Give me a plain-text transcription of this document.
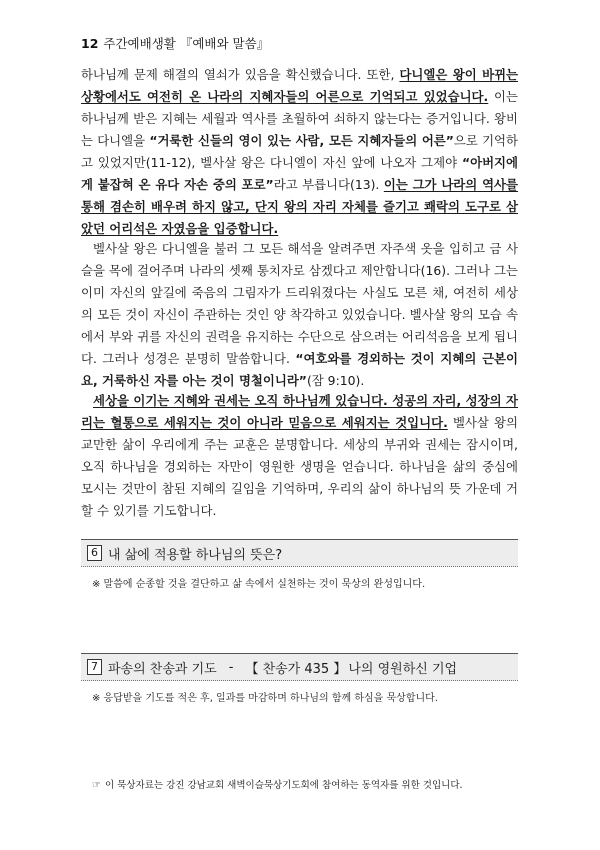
12 주간예배생활 『예배와 말씀』
하나님께 문제 해결의 열쇠가 있음을 확신했습니다. 또한, 다니엘은 왕이 바뀌는 상황에서도 여전히 온 나라의 지혜자들의 어른으로 기억되고 있었습니다. 이는 하나님께 받은 지혜는 세월과 역사를 초월하여 쇠하지 않는다는 증거입니다. 왕비는 다니엘을 “거룩한 신들의 영이 있는 사람, 모든 지혜자들의 어른”으로 기억하고 있었지만(11-12), 벨사살 왕은 다니엘이 자신 앞에 나오자 그제야 “아버지에게 붙잡혀 온 유다 자손 중의 포로”라고 부릅니다(13). 이는 그가 나라의 역사를 통해 겸손히 배우려 하지 않고, 단지 왕의 자리 자체를 즐기고 쾌락의 도구로 삼았던 어리석은 자였음을 입증합니다.
벨사살 왕은 다니엘을 불러 그 모든 해석을 알려주면 자주색 옷을 입히고 금 사슬을 목에 걸어주며 나라의 셋째 통치자로 삼겠다고 제안합니다(16). 그러나 그는 이미 자신의 앞길에 죽음의 그림자가 드리워졌다는 사실도 모른 채, 여전히 세상의 모든 것이 자신이 주관하는 것인 양 착각하고 있었습니다. 벨사살 왕의 모습 속에서 부와 귀를 자신의 권력을 유지하는 수단으로 삼으려는 어리석음을 보게 됩니다. 그러나 성경은 분명히 말씀합니다. “여호와를 경외하는 것이 지혜의 근본이요, 거룩하신 자를 아는 것이 명철이니라”(잠 9:10).
세상을 이기는 지혜와 권세는 오직 하나님께 있습니다. 성공의 자리, 성장의 자리는 혈통으로 세워지는 것이 아니라 믿음으로 세워지는 것입니다. 벨사살 왕의 교만한 삶이 우리에게 주는 교훈은 분명합니다. 세상의 부귀와 권세는 잠시이며, 오직 하나님을 경외하는 자만이 영원한 생명을 얻습니다. 하나님을 삶의 중심에 모시는 것만이 참된 지혜의 길임을 기억하며, 우리의 삶이 하나님의 뜻 가운데 거할 수 있기를 기도합니다.
6 내 삶에 적용할 하나님의 뜻은?
※ 말씀에 순종할 것을 결단하고 삶 속에서 실천하는 것이 묵상의 완성입니다.
7 파송의 찬송과 기도 - 【 찬송가 435 】 나의 영원하신 기업
※ 응답받을 기도를 적은 후, 일과를 마감하며 하나님의 함께 하심을 묵상합니다.
☞ 이 묵상자료는 강진 강남교회 새벽이슬묵상기도회에 참여하는 동역자를 위한 것입니다.
